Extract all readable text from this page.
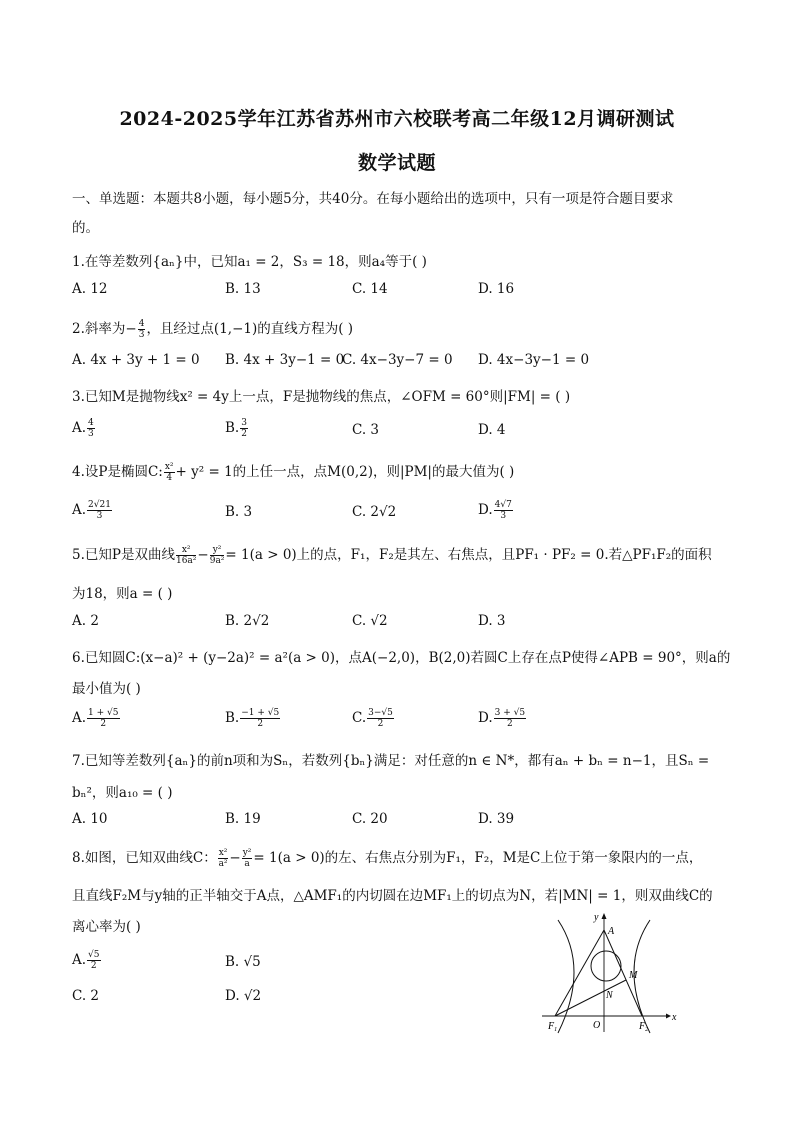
2024-2025学年江苏省苏州市六校联考高二年级12月调研测试
数学试题
一、单选题：本题共8小题，每小题5分，共40分。在每小题给出的选项中，只有一项是符合题目要求
的。
1.在等差数列{aₙ}中，已知a₁ = 2，S₃ = 18，则a₄等于( )
A. 12	B. 13	C. 14	D. 16
2.斜率为− $\frac{4}{3}$ ，且经过点(1,−1)的直线方程为( )
A. 4x + 3y + 1 = 0 B. 4x + 3y−1 = 0
C. 4x−3y−7 = 0 D. 4x−3y−1 = 0
3.已知M是抛物线x² = 4y上一点，F是抛物线的焦点，∠OFM = 60°则|FM| = ( )
A. $\frac{4}{3}$	B. $\frac{3}{2}$	C. 3	D. 4
4.设P是椭圆C: $\frac{\text{x²}}{4} + y^2 = 1$的上任一点，点M(0,2)，则|PM|的最大值为( )
A. $\frac{2√21}{3}$	B. 3	C. 2√2	D. $\frac{4√7}{3}$
5.已知P是双曲线 $\frac{\text{x²}}{\text{16a²}} - \frac{\text{y²}}{\text{9a²}} = 1(a > 0)$上的点，F₁，F₂是其左、右焦点，且PF₁ · PF₂ = 0.若△PF₁F₂的面积
为18，则a = ( )
A. 2	B. 2√2	C. √2	D. 3
6.已知圆C:(x−a)² + (y−2a)² = a²(a > 0)，点A(−2,0)，B(2,0)若圆C上存在点P使得∠APB = 90°，则a的
最小值为( )
A. $\frac{1 + √5}{2}$	B. $\frac{-1 + √5}{2}$	C. $\frac{3-√5}{2}$	D. $\frac{3 + √5}{2}$
7.已知等差数列{aₙ}的前n项和为Sₙ，若数列{bₙ}满足：对任意的n ∈ N*，都有aₙ + bₙ = n−1，且Sₙ =
bₙ²，则a₁₀ = ( )
A. 10	B. 19	C. 20	D. 39
8.如图，已知双曲线C： $\frac{\text{x²}}{\text{a²}} - \frac{\text{y²}}{a} = 1(a > 0)$的左、右焦点分别为F₁，F₂，M是C上位于第一象限内的一点，
且直线F₂M与y轴的正半轴交于A点，△AMF₁的内切圆在边MF₁上的切点为N，若|MN| = 1，则双曲线C的
离心率为( )
A. $\frac{√5}{2}$	B. √5
C. 2	D. √2
y
x
A
M
N
O
$F_1$	$F_2$
